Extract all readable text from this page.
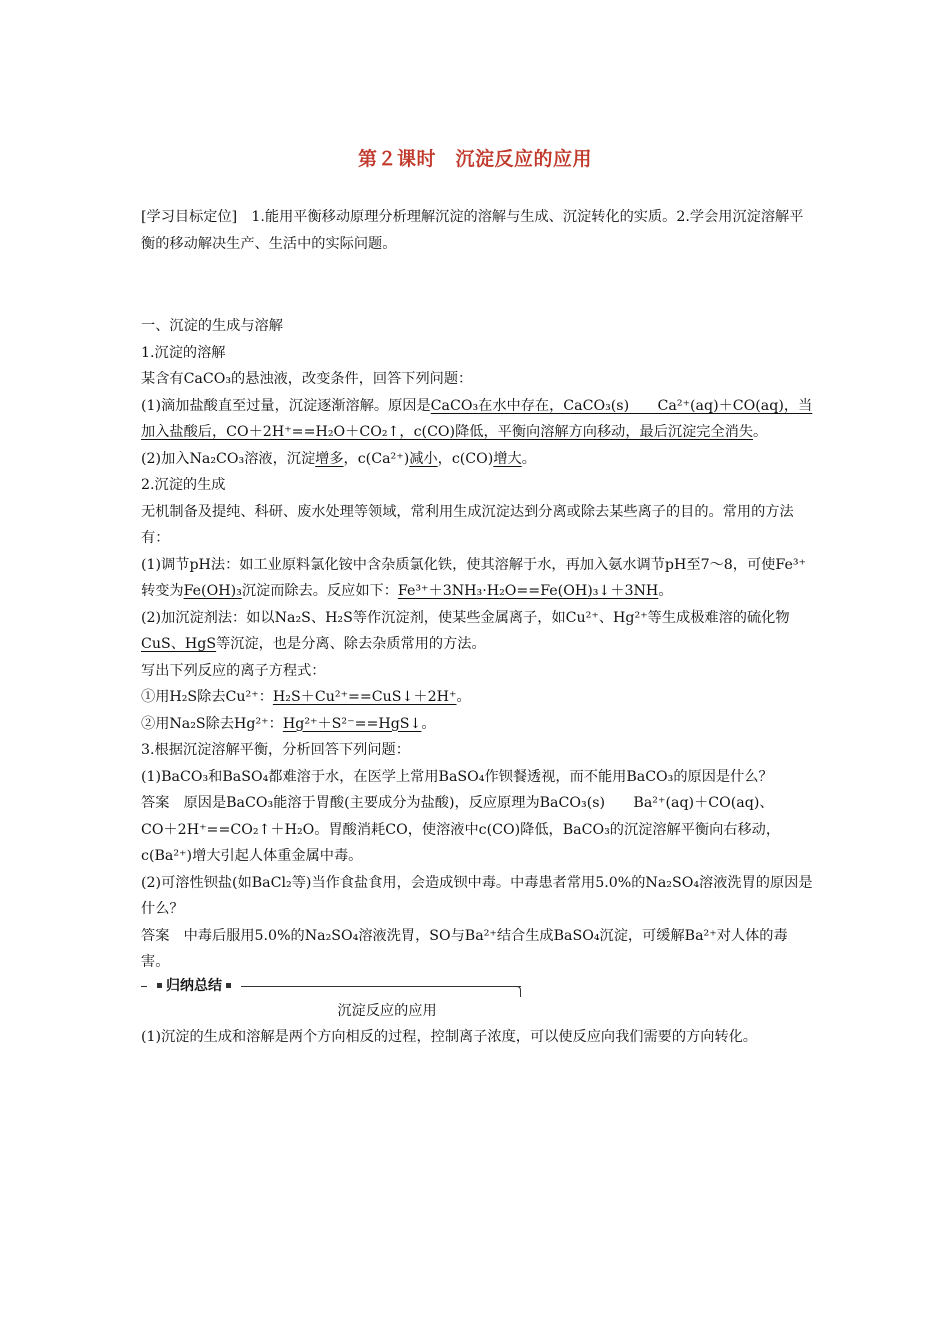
第２课时　沉淀反应的应用

[学习目标定位]　1.能用平衡移动原理分析理解沉淀的溶解与生成、沉淀转化的实质。2.学会用沉淀溶解平衡的移动解决生产、生活中的实际问题。

一、沉淀的生成与溶解

1.沉淀的溶解

某含有CaCO₃的悬浊液，改变条件，回答下列问题：

(1)滴加盐酸直至过量，沉淀逐渐溶解。原因是CaCO₃在水中存在，CaCO₃(s)　　Ca²⁺(aq)＋CO(aq)，当加入盐酸后，CO＋2H⁺==H₂O＋CO₂↑，c(CO)降低，平衡向溶解方向移动，最后沉淀完全消失。

(2)加入Na₂CO₃溶液，沉淀增多，c(Ca²⁺)减小，c(CO)增大。

2.沉淀的生成

无机制备及提纯、科研、废水处理等领域，常利用生成沉淀达到分离或除去某些离子的目的。常用的方法有：

(1)调节pH法：如工业原料氯化铵中含杂质氯化铁，使其溶解于水，再加入氨水调节pH至7～8，可使Fe³⁺转变为Fe(OH)₃沉淀而除去。反应如下：Fe³⁺＋3NH₃·H₂O==Fe(OH)₃↓＋3NH。

(2)加沉淀剂法：如以Na₂S、H₂S等作沉淀剂，使某些金属离子，如Cu²⁺、Hg²⁺等生成极难溶的硫化物CuS、HgS等沉淀，也是分离、除去杂质常用的方法。

写出下列反应的离子方程式：

①用H₂S除去Cu²⁺：H₂S＋Cu²⁺==CuS↓＋2H⁺。

②用Na₂S除去Hg²⁺：Hg²⁺＋S²⁻==HgS↓。

3.根据沉淀溶解平衡，分析回答下列问题：

(1)BaCO₃和BaSO₄都难溶于水，在医学上常用BaSO₄作钡餐透视，而不能用BaCO₃的原因是什么？

答案　原因是BaCO₃能溶于胃酸(主要成分为盐酸)，反应原理为BaCO₃(s)　　Ba²⁺(aq)＋CO(aq)、

CO＋2H⁺==CO₂↑＋H₂O。胃酸消耗CO，使溶液中c(CO)降低，BaCO₃的沉淀溶解平衡向右移动，c(Ba²⁺)增大引起人体重金属中毒。

(2)可溶性钡盐(如BaCl₂等)当作食盐食用，会造成钡中毒。中毒患者常用5.0%的Na₂SO₄溶液洗胃的原因是什么？

答案　中毒后服用5.0%的Na₂SO₄溶液洗胃，SO与Ba²⁺结合生成BaSO₄沉淀，可缓解Ba²⁺对人体的毒害。

归纳总结

沉淀反应的应用

(1)沉淀的生成和溶解是两个方向相反的过程，控制离子浓度，可以使反应向我们需要的方向转化。
